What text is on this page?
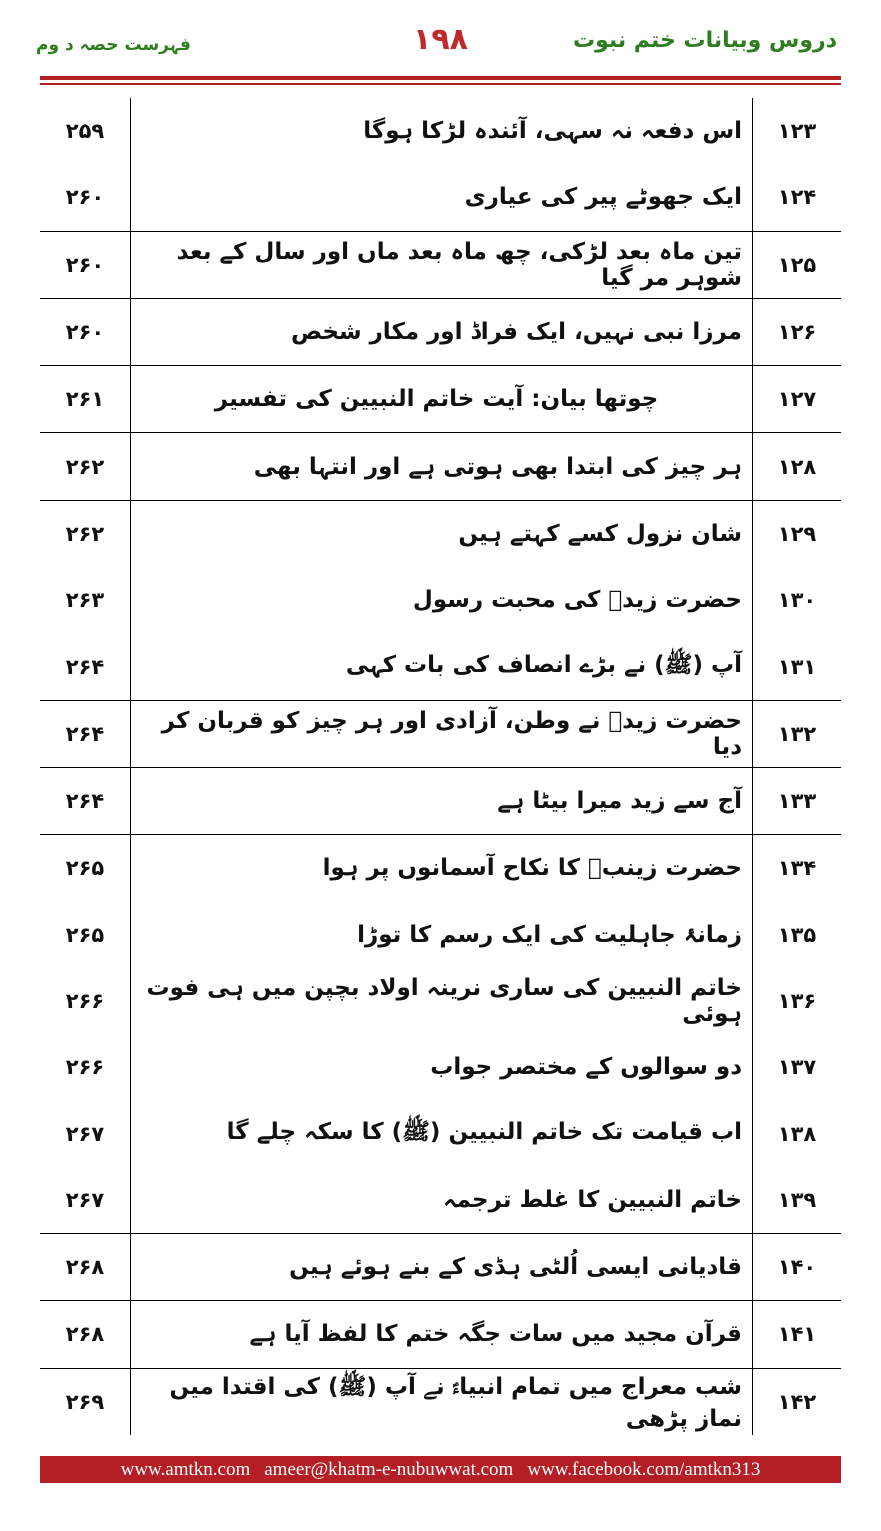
دروس وبیانات ختم نبوت
۱۹۸
فہرست حصہ د وم
۲۵۹	اس دفعہ نہ سہی، آئندہ لڑکا ہوگا	۱۲۳
۲۶۰	ایک جھوٹے پیر کی عیاری	۱۲۴
۲۶۰	تین ماہ بعد لڑکی، چھ ماہ بعد ماں اور سال کے بعد شوہر مر گیا	۱۲۵
۲۶۰	مرزا نبی نہیں، ایک فراڈ اور مکار شخص	۱۲۶
۲۶۱	چوتھا بیان: آیت خاتم النبیین کی تفسیر	۱۲۷
۲۶۲	ہر چیز کی ابتدا بھی ہوتی ہے اور انتہا بھی	۱۲۸
۲۶۲	شان نزول کسے کہتے ہیں	۱۲۹
۲۶۳	حضرت زیدؓ کی محبت رسول	۱۳۰
۲۶۴	آپ (ﷺ) نے بڑے انصاف کی بات کہی	۱۳۱
۲۶۴	حضرت زیدؓ نے وطن، آزادی اور ہر چیز کو قربان کر دیا	۱۳۲
۲۶۴	آج سے زید میرا بیٹا ہے	۱۳۳
۲۶۵	حضرت زینبؓ کا نکاح آسمانوں پر ہوا	۱۳۴
۲۶۵	زمانۂ جاہلیت کی ایک رسم کا توڑا	۱۳۵
۲۶۶	خاتم النبیین کی ساری نرینہ اولاد بچپن میں ہی فوت ہوئی	۱۳۶
۲۶۶	دو سوالوں کے مختصر جواب	۱۳۷
۲۶۷	اب قیامت تک خاتم النبیین (ﷺ) کا سکہ چلے گا	۱۳۸
۲۶۷	خاتم النبیین کا غلط ترجمہ	۱۳۹
۲۶۸	قادیانی ایسی اُلٹی ہڈی کے بنے ہوئے ہیں	۱۴۰
۲۶۸	قرآن مجید میں سات جگہ ختم کا لفظ آیا ہے	۱۴۱
۲۶۹	شب معراج میں تمام انبیاءؑ نے آپ (ﷺ) کی اقتدا میں نماز پڑھی	۱۴۲
www.amtkn.com ameer@khatm-e-nubuwwat.com www.facebook.com/amtkn313
